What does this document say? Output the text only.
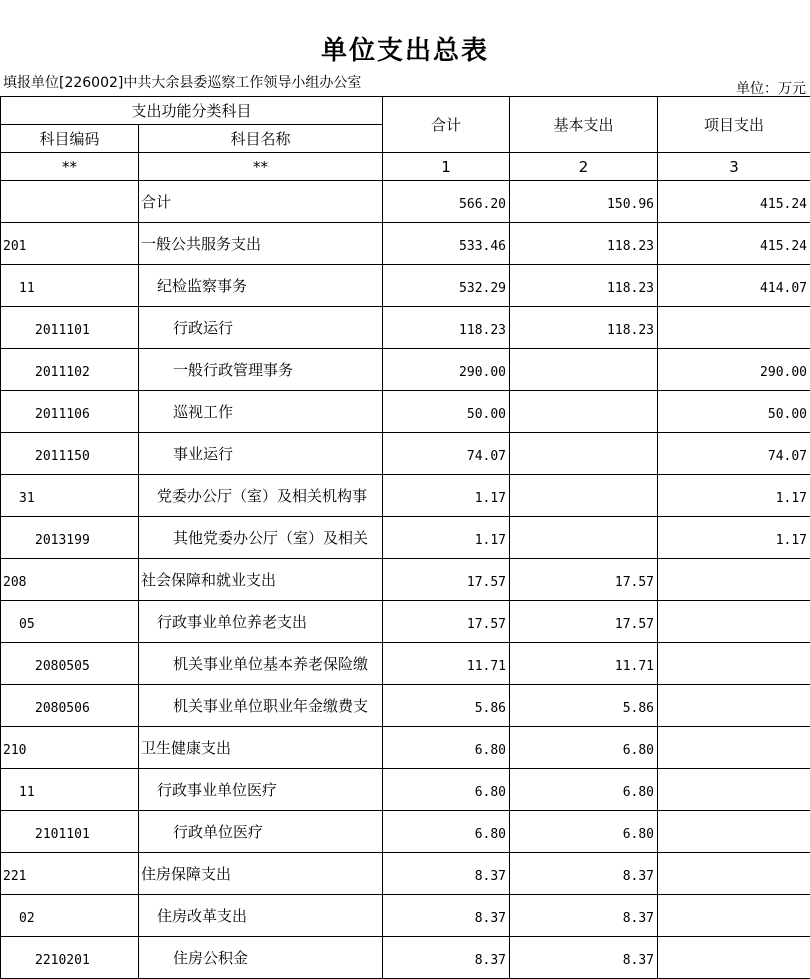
单位支出总表
填报单位[226002]中共大余县委巡察工作领导小组办公室	单位：万元
支出功能分类科目		合计	基本支出	项目支出
科目编码	科目名称			
**	**	1	2	3
	合计	566.20	150.96	415.24
201	一般公共服务支出	533.46	118.23	415.24
11	纪检监察事务	532.29	118.23	414.07
2011101	行政运行	118.23	118.23	
2011102	一般行政管理事务	290.00		290.00
2011106	巡视工作	50.00		50.00
2011150	事业运行	74.07		74.07
31	党委办公厅（室）及相关机构事	1.17		1.17
2013199	其他党委办公厅（室）及相关	1.17		1.17
208	社会保障和就业支出	17.57	17.57	
05	行政事业单位养老支出	17.57	17.57	
2080505	机关事业单位基本养老保险缴	11.71	11.71	
2080506	机关事业单位职业年金缴费支	5.86	5.86	
210	卫生健康支出	6.80	6.80	
11	行政事业单位医疗	6.80	6.80	
2101101	行政单位医疗	6.80	6.80	
221	住房保障支出	8.37	8.37	
02	住房改革支出	8.37	8.37	
2210201	住房公积金	8.37	8.37	
